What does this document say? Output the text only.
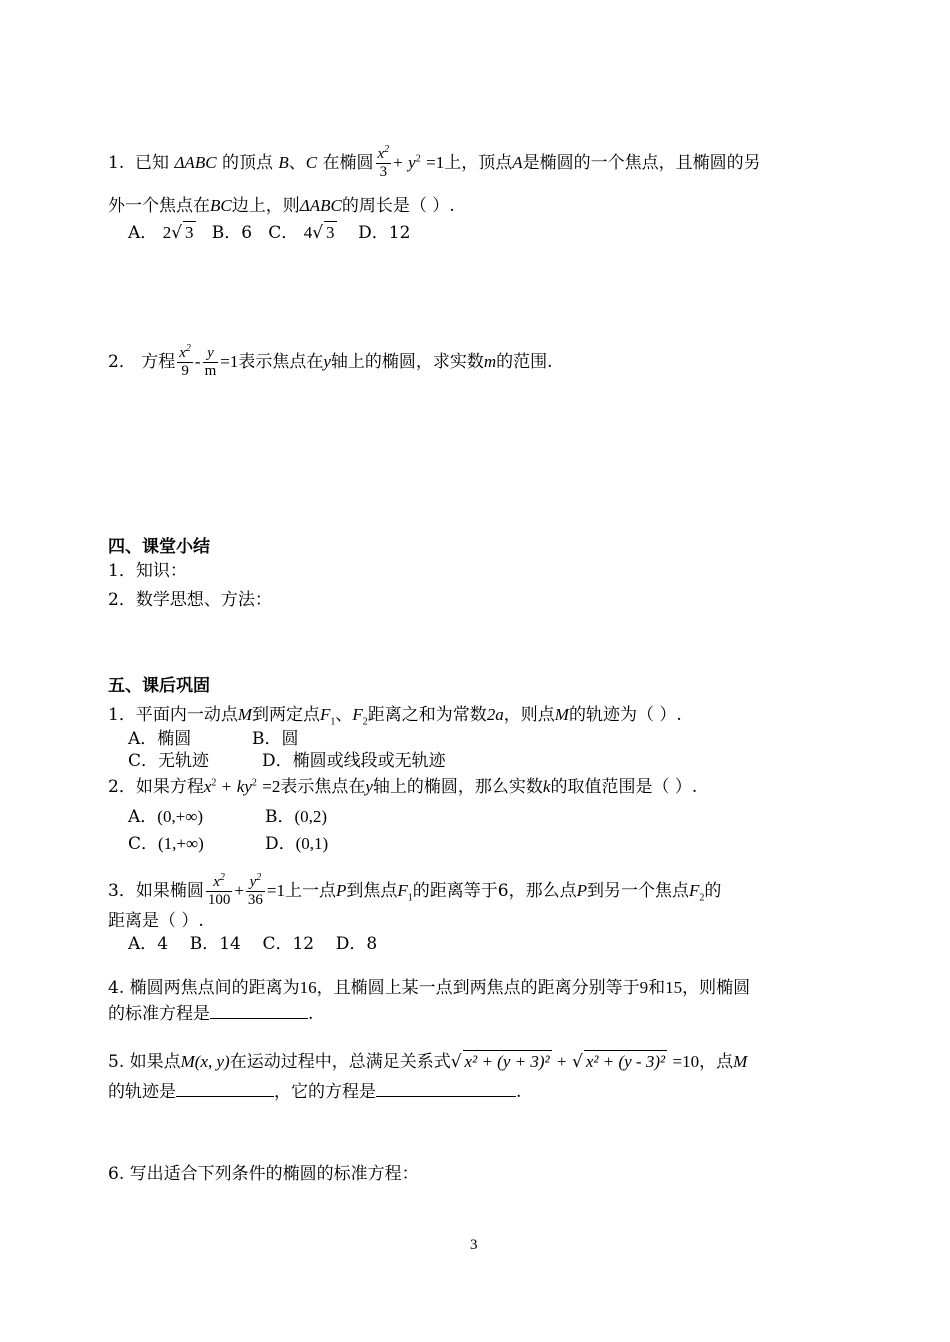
1. 已知 ΔABC 的顶点 B、C 在椭圆 $\frac{x^2}{3} + y^2 =1$上，顶点A是椭圆的一个焦点，且椭圆的另
外一个焦点在BC边上，则ΔABC的周长是（ ）.
A． 2√ 3 B．6 C． 4√ 3 D．12
2． 方程 $\frac{x^2}{9} - \frac{y}{m} =1$表示焦点在y轴上的椭圆，求实数m的范围.
四、课堂小结
1．知识：
2．数学思想、方法：
五、课后巩固
1．平面内一动点M到两定点$F_1$、$F_2$距离之和为常数2a，则点M的轨迹为（ ）.
A．椭圆	B．圆
C．无轨迹	D．椭圆或线段或无轨迹
2．如果方程$x^2 + ky^2 =2$表示焦点在y轴上的椭圆，那么实数k的取值范围是（ ）.
A．(0,+∞)	B．(0,2)
C．(1,+∞)	D．(0,1)
3．如果椭圆 $\frac{x^2}{100} + \frac{y^2}{36} =1$上一点P到焦点$F_1$的距离等于6，那么点P到另一个焦点$F_2$的
距离是（ ）.
A．4    B．14    C．12    D．8
4. 椭圆两焦点间的距离为16，且椭圆上某一点到两焦点的距离分别等于9和15，则椭圆
的标准方程是	.
5. 如果点M(x, y)在运动过程中，总满足关系式√ x² + (y + 3)² + √ x² + (y - 3)² =10，点M
的轨迹是	，它的方程是	.
6. 写出适合下列条件的椭圆的标准方程：
3
